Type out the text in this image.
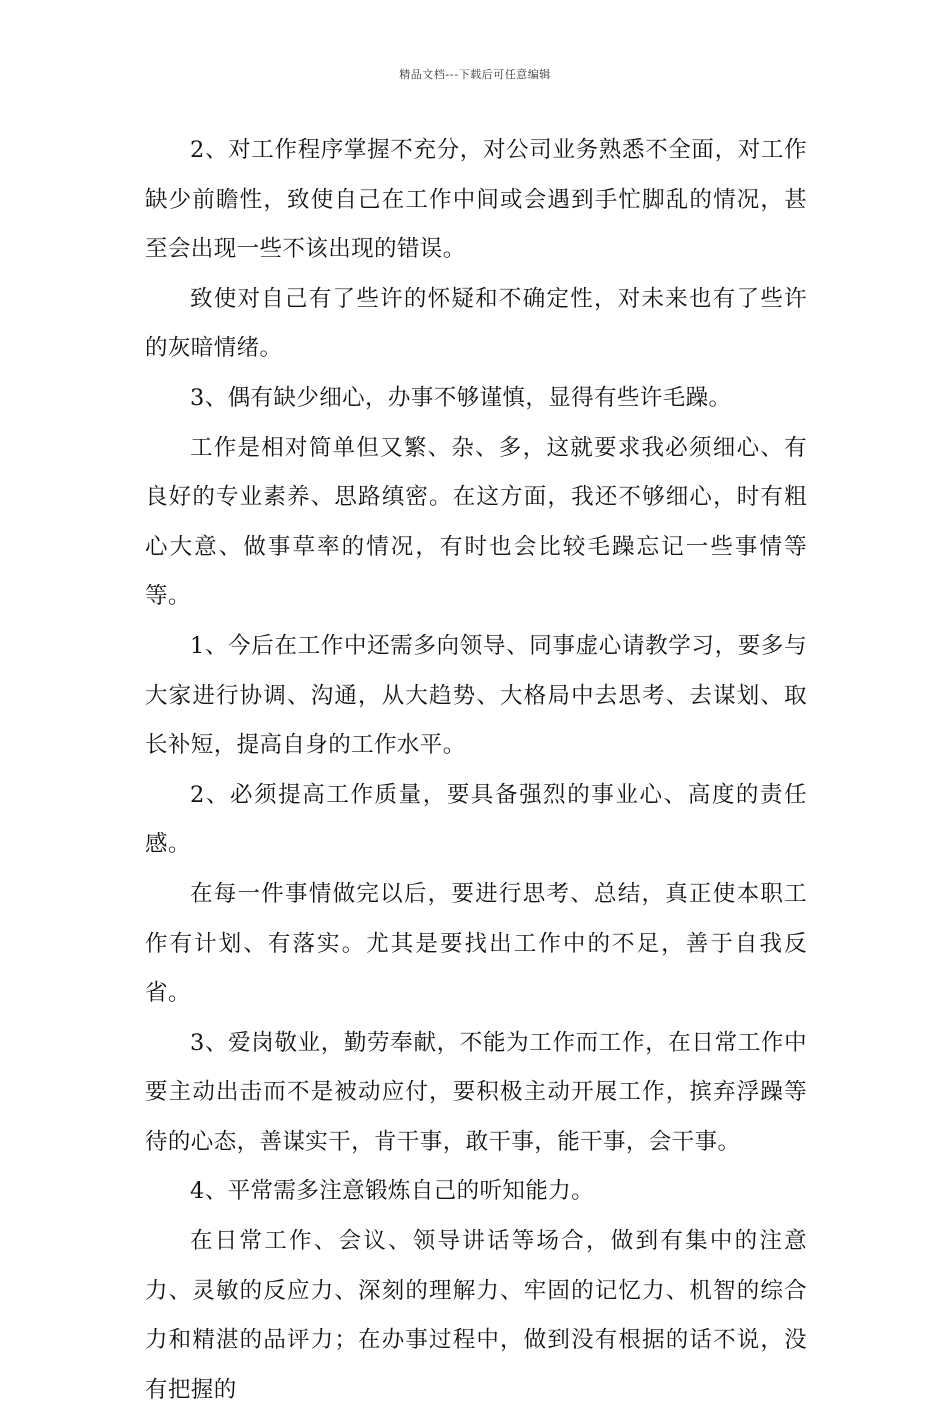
精品文档---下载后可任意编辑

2、对工作程序掌握不充分，对公司业务熟悉不全面，对工作缺少前瞻性，致使自己在工作中间或会遇到手忙脚乱的情况，甚至会出现一些不该出现的错误。

致使对自己有了些许的怀疑和不确定性，对未来也有了些许的灰暗情绪。

3、偶有缺少细心，办事不够谨慎，显得有些许毛躁。

工作是相对简单但又繁、杂、多，这就要求我必须细心、有良好的专业素养、思路缜密。在这方面，我还不够细心，时有粗心大意、做事草率的情况，有时也会比较毛躁忘记一些事情等等。

1、今后在工作中还需多向领导、同事虚心请教学习，要多与大家进行协调、沟通，从大趋势、大格局中去思考、去谋划、取长补短，提高自身的工作水平。

2、必须提高工作质量，要具备强烈的事业心、高度的责任感。

在每一件事情做完以后，要进行思考、总结，真正使本职工作有计划、有落实。尤其是要找出工作中的不足，善于自我反省。

3、爱岗敬业，勤劳奉献，不能为工作而工作，在日常工作中要主动出击而不是被动应付，要积极主动开展工作，摈弃浮躁等待的心态，善谋实干，肯干事，敢干事，能干事，会干事。

4、平常需多注意锻炼自己的听知能力。

在日常工作、会议、领导讲话等场合，做到有集中的注意力、灵敏的反应力、深刻的理解力、牢固的记忆力、机智的综合力和精湛的品评力；在办事过程中，做到没有根据的话不说，没有把握的
